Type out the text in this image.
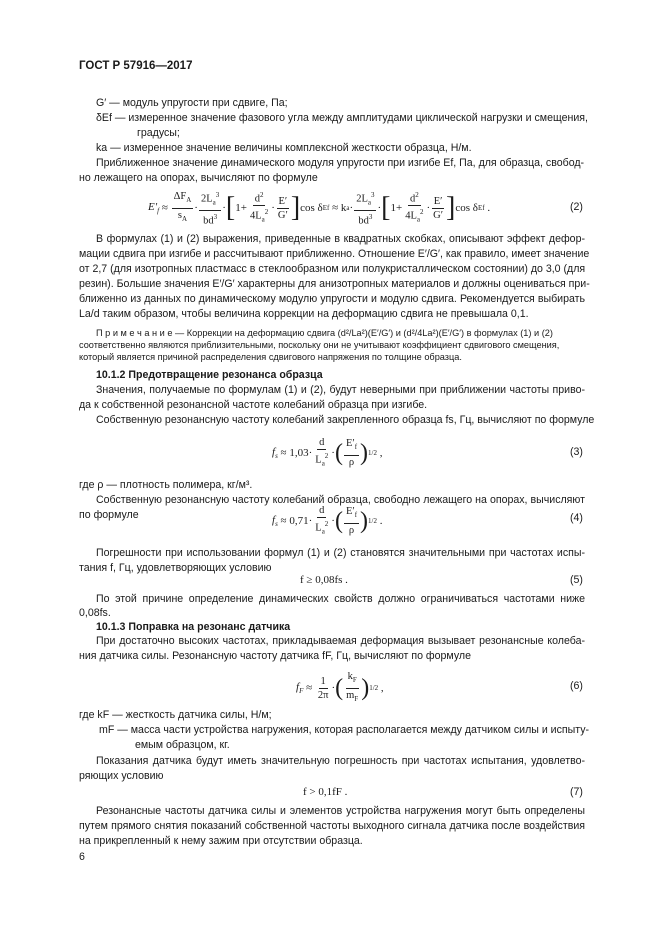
ГОСТ Р 57916—2017
G′ — модуль упругости при сдвиге, Па;
δEf — измеренное значение фазового угла между амплитудами циклической нагрузки и смещения,
градусы;
ka — измеренное значение величины комплексной жесткости образца, Н/м.
Приближенное значение динамического модуля упругости при изгибе Ef, Па, для образца, свобод-
но лежащего на опорах, вычисляют по формуле
$E'_f \approx \frac{\Delta F_A}{s_A} \cdot \frac{2L_a^3}{bd^3}$ · [ $1+ \frac{d^2}{4L_a^2} \cdot \frac{E'}{G'}$ ] cos δ Ef ≈ k $a \cdot \frac{2L_a^3}{bd^3}$ · [ $1+ \frac{d^2}{4L_a^2} \cdot \frac{E'}{G'}$ ] cos δ Ef .	(2)
В формулах (1) и (2) выражения, приведенные в квадратных скобках, описывают эффект дефор-
мации сдвига при изгибе и рассчитывают приближенно. Отношение E′/G′, как правило, имеет значение
от 2,7 (для изотропных пластмасс в стеклообразном или полукристаллическом состоянии) до 3,0 (для
резин). Большие значения E′/G′ характерны для анизотропных материалов и должны оцениваться при-
ближенно из данных по динамическому модулю упругости и модулю сдвига. Рекомендуется выбирать
La/d таким образом, чтобы величина коррекции на деформацию сдвига не превышала 0,1.
П р и м е ч а н и е — Коррекции на деформацию сдвига (d²/La²)(E′/G′) и (d²/4La²)(E′/G′) в формулах (1) и (2)
соответственно являются приблизительными, поскольку они не учитывают коэффициент сдвигового смещения,
который является причиной распределения сдвигового напряжения по толщине образца.
10.1.2 Предотвращение резонанса образца
Значения, получаемые по формулам (1) и (2), будут неверными при приближении частоты приво-
да к собственной резонансной частоте колебаний образца при изгибе.
Собственную резонансную частоту колебаний закрепленного образца fs, Гц, вычисляют по формуле
$f_s \approx 1,03 \cdot \frac{d}{L_a^2}$ · ( $\frac{E'_f}{\rho}$ ) 1/2 ,	(3)
где ρ — плотность полимера, кг/м³.
Собственную резонансную частоту колебаний образца, свободно лежащего на опорах, вычисляют
по формуле	$f_s \approx 0,71 \cdot \frac{d}{L_a^2}$ · ( $\frac{E'_f}{\rho}$ ) 1/2 .	(4)
Погрешности при использовании формул (1) и (2) становятся значительными при частотах испы-
тания f, Гц, удовлетворяющих условию
f ≥ 0,08fs .	(5)
По этой причине определение динамических свойств должно ограничиваться частотами ниже
0,08fs.
10.1.3 Поправка на резонанс датчика
При достаточно высоких частотах, прикладываемая деформация вызывает резонансные колеба-
ния датчика силы. Резонансную частоту датчика fF, Гц, вычисляют по формуле
$f_F \approx \frac{1}{2\pi}$ · ( $\frac{k_F}{m_F}$ ) 1/2 ,	(6)
где kF — жесткость датчика силы, Н/м;
mF — масса части устройства нагружения, которая располагается между датчиком силы и испыту-
емым образцом, кг.
Показания датчика будут иметь значительную погрешность при частотах испытания, удовлетво-
ряющих условию
f > 0,1fF .	(7)
Резонансные частоты датчика силы и элементов устройства нагружения могут быть определены
путем прямого снятия показаний собственной частоты выходного сигнала датчика после воздействия
на прикрепленный к нему зажим при отсутствии образца.
6
